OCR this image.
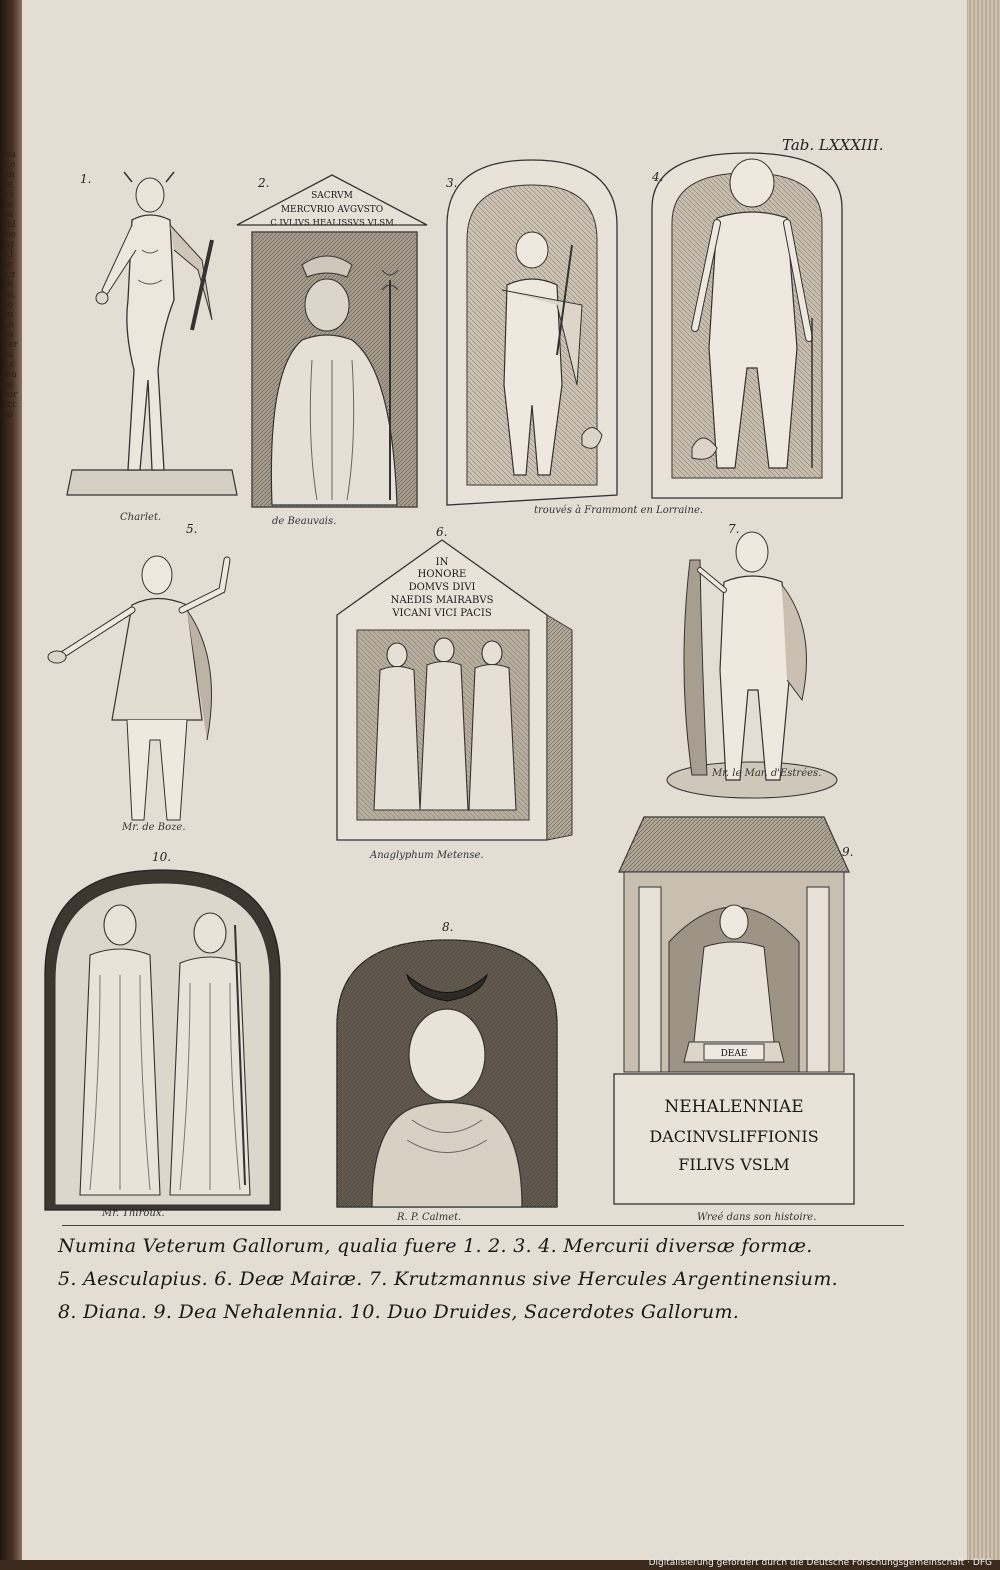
lnae,erinnen,inenachlinenge,lach,zehen,doent,nhar,ernan,ctuagepernrche
Tab. LXXXIII.
SACRVM
MERCVRIO AVGVSTO
C IVLIVS HEALISSVS VLSM
Charlet.	de Beauvais.
trouvés à Frammont en Lorraine.
1.	2.	3.	4.
Mr. de Boze.
5.
IN
HONORE
DOMVS DIVI
NAEDIS MAIRABVS
VICANI VICI PACIS
Anaglyphum Metense.
6.
Mr. le Mar. d'Estrées.
7.
Mr. Thiroux.
10.
R. P. Calmet.
8.
DEAE
NEHALENNIAE
DACINVSLIFFIONIS
FILIVS VSLM
Wreé dans son histoire.
9.
Numina Veterum Gallorum, qualia fuere 1. 2. 3. 4. Mercurii diversæ formæ.
5. Aesculapius. 6. Deæ Mairæ. 7. Krutzmannus sive Hercules Argentinensium.
8. Diana. 9. Dea Nehalennia. 10. Duo Druides, Sacerdotes Gallorum.
Digitalisierung gefördert durch die Deutsche Forschungsgemeinschaft · DFG
